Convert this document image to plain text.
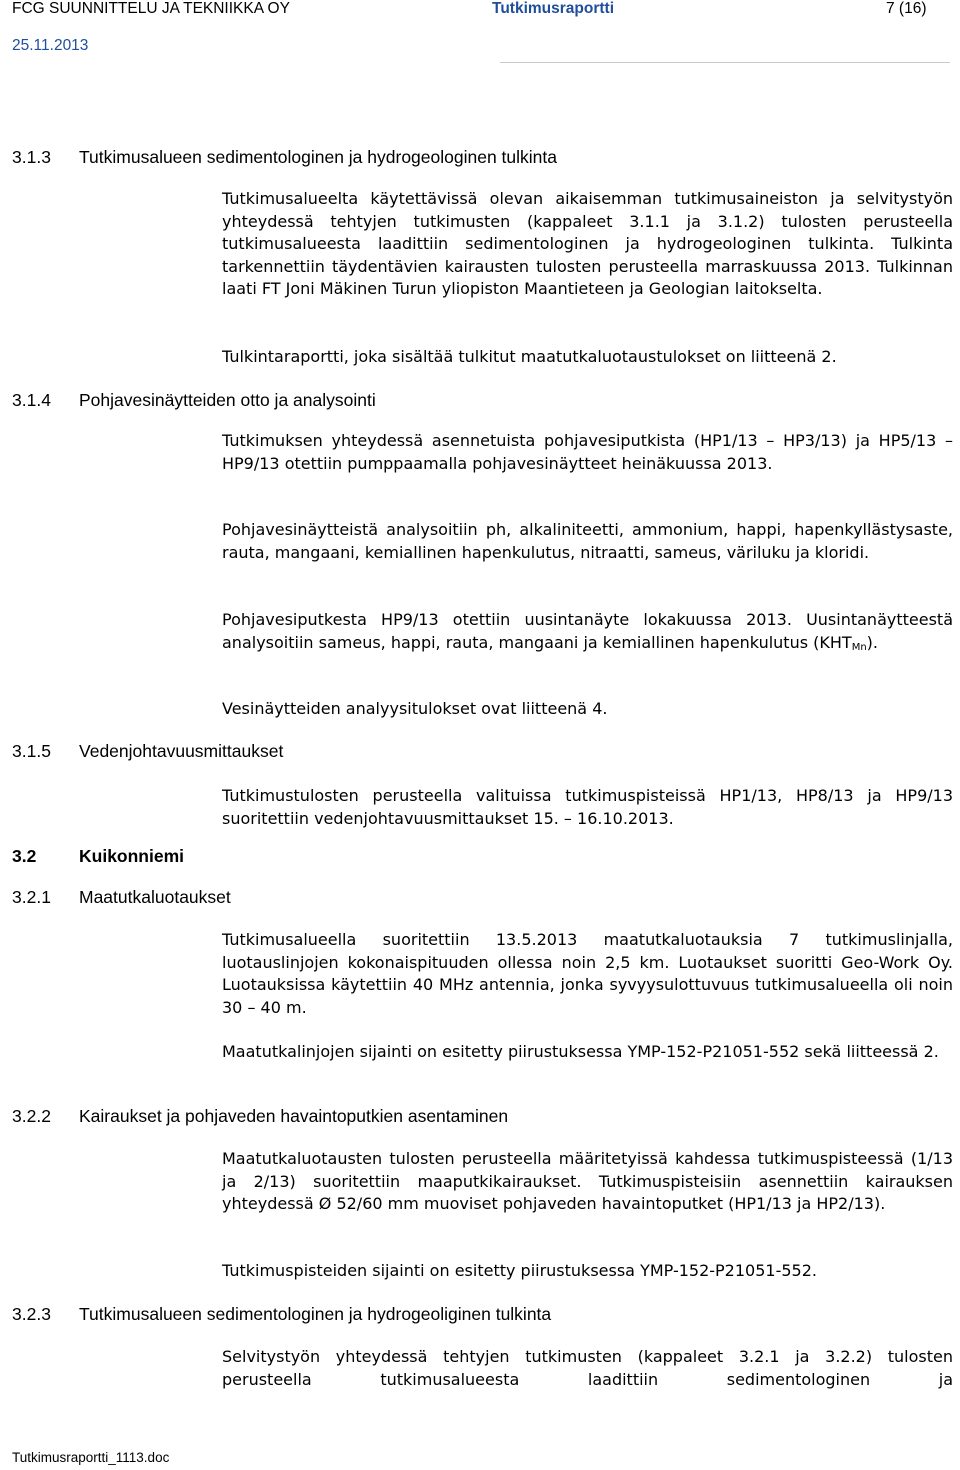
FCG SUUNNITTELU JA TEKNIIKKA OY	Tutkimusraportti	7 (16)
25.11.2013
3.1.3 Tutkimusalueen sedimentologinen ja hydrogeologinen tulkinta
Tutkimusalueelta käytettävissä olevan aikaisemman tutkimusaineiston ja selvitystyön yhteydessä tehtyjen tutkimusten (kappaleet 3.1.1 ja 3.1.2) tulosten perusteella tutkimusalueesta laadittiin sedimentologinen ja hydrogeologinen tulkinta. Tulkinta tarkennettiin täydentävien kairausten tulosten perusteella marraskuussa 2013. Tulkinnan laati FT Joni Mäkinen Turun yliopiston Maantieteen ja Geologian laitokselta.
Tulkintaraportti, joka sisältää tulkitut maatutkaluotaustulokset on liitteenä 2.
3.1.4 Pohjavesinäytteiden otto ja analysointi
Tutkimuksen yhteydessä asennetuista pohjavesiputkista (HP1/13 – HP3/13) ja HP5/13 – HP9/13 otettiin pumppaamalla pohjavesinäytteet heinäkuussa 2013.
Pohjavesinäytteistä analysoitiin ph, alkaliniteetti, ammonium, happi, hapenkyllästysaste, rauta, mangaani, kemiallinen hapenkulutus, nitraatti, sameus, väriluku ja kloridi.
Pohjavesiputkesta HP9/13 otettiin uusintanäyte lokakuussa 2013. Uusintanäytteestä analysoitiin sameus, happi, rauta, mangaani ja kemiallinen hapenkulutus $(KHT_{Mn})$.
Vesinäytteiden analyysitulokset ovat liitteenä 4.
3.1.5 Vedenjohtavuusmittaukset
Tutkimustulosten perusteella valituissa tutkimuspisteissä HP1/13, HP8/13 ja HP9/13 suoritettiin vedenjohtavuusmittaukset 15. – 16.10.2013.
3.2 Kuikonniemi
3.2.1 Maatutkaluotaukset
Tutkimusalueella suoritettiin 13.5.2013 maatutkaluotauksia 7 tutkimuslinjalla, luotauslinjojen kokonaispituuden ollessa noin 2,5 km. Luotaukset suoritti Geo-Work Oy. Luotauksissa käytettiin 40 MHz antennia, jonka syvyysulottuvuus tutkimusalueella oli noin 30 – 40 m.
Maatutkalinjojen sijainti on esitetty piirustuksessa YMP-152-P21051-552 sekä liitteessä 2.
3.2.2 Kairaukset ja pohjaveden havaintoputkien asentaminen
Maatutkaluotausten tulosten perusteella määritetyissä kahdessa tutkimuspisteessä (1/13 ja 2/13) suoritettiin maaputkikairaukset. Tutkimuspisteisiin asennettiin kairauksen yhteydessä Ø 52/60 mm muoviset pohjaveden havaintoputket (HP1/13 ja HP2/13).
Tutkimuspisteiden sijainti on esitetty piirustuksessa YMP-152-P21051-552.
3.2.3 Tutkimusalueen sedimentologinen ja hydrogeoliginen tulkinta
Selvitystyön yhteydessä tehtyjen tutkimusten (kappaleet 3.2.1 ja 3.2.2) tulosten perusteella tutkimusalueesta laadittiin sedimentologinen ja
Tutkimusraportti_1113.doc
